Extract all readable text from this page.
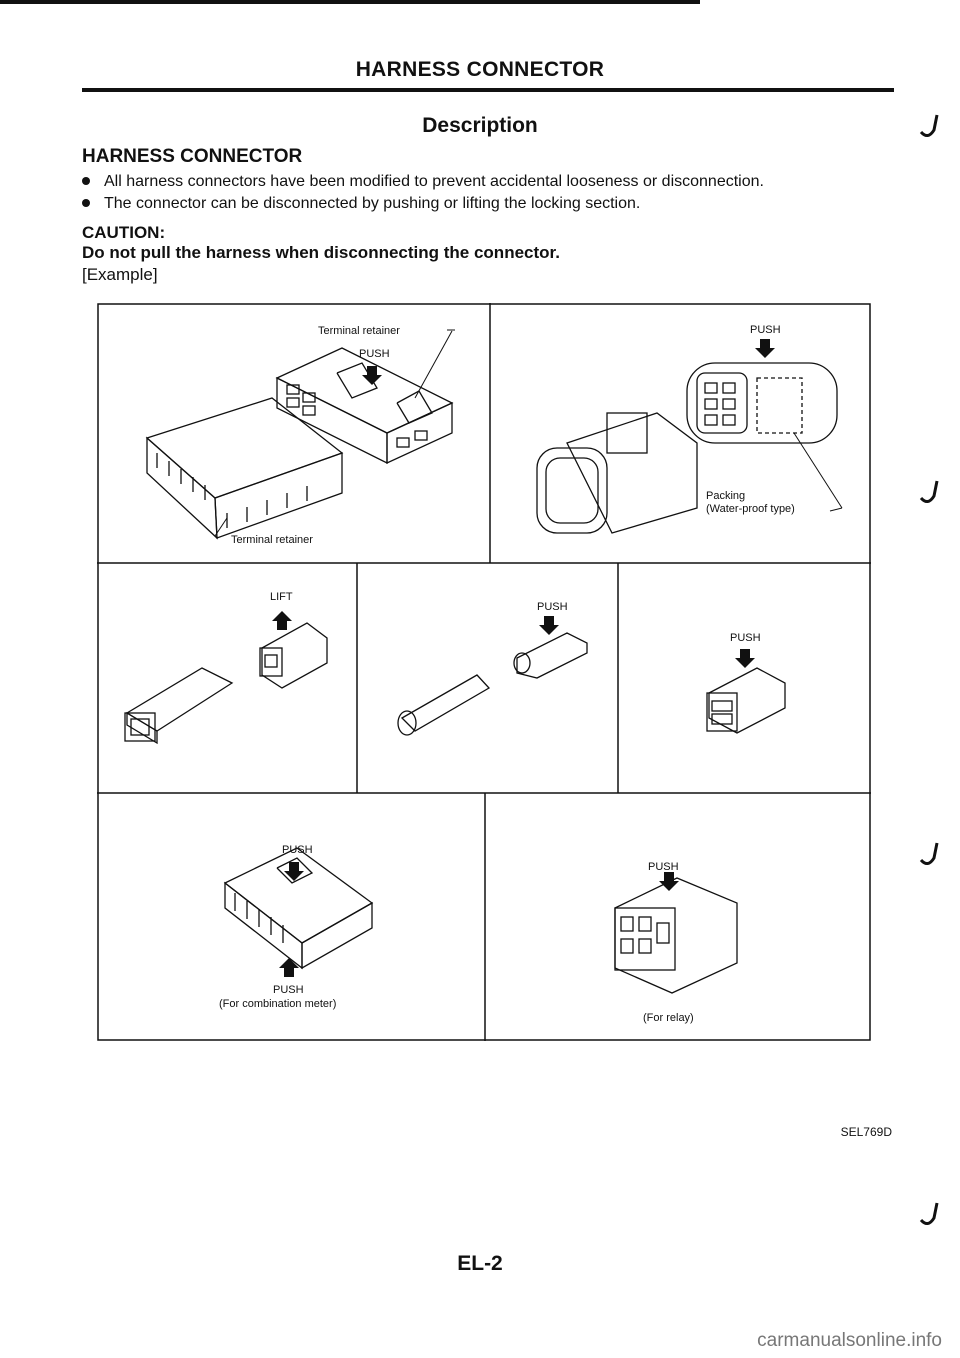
HARNESS CONNECTOR
Description
HARNESS CONNECTOR
All harness connectors have been modified to prevent accidental looseness or disconnection.
The connector can be disconnected by pushing or lifting the locking section.
CAUTION:
Do not pull the harness when disconnecting the connector.
[Example]
Terminal retainer
PUSH
Terminal retainer
PUSH
Packing
(Water-proof type)
LIFT
PUSH
PUSH
PUSH
PUSH
(For combination meter)
PUSH
(For relay)
SEL769D
EL-2
carmanualsonline.info
